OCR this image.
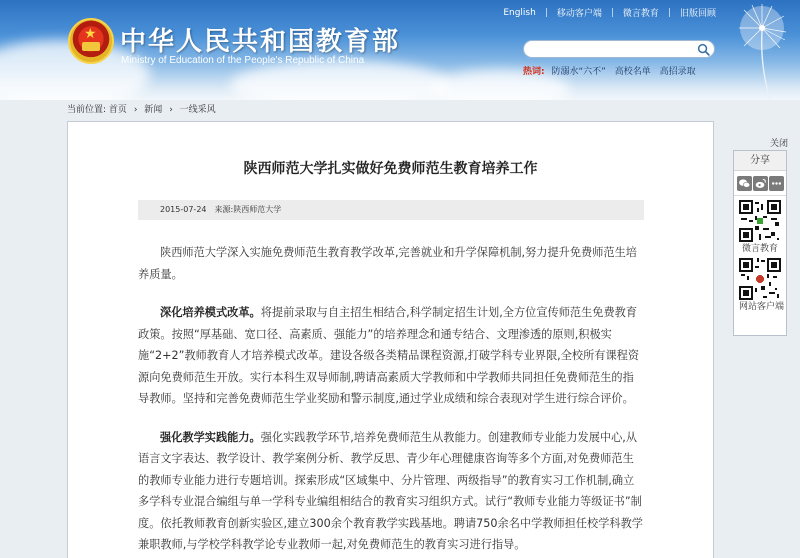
★ 中华人民共和国教育部
Ministry of Education of the People's Republic of China
English | 移动客户端 | 微言教育 | 旧版回顾
热词: 防溺水“六不” 高校名单 高招录取
当前位置: 首页 › 新闻 › 一线采风
陕西师范大学扎实做好免费师范生教育培养工作
2015-07-24 来源:陕西师范大学

陕西师范大学深入实施免费师范生教育教学改革,完善就业和升学保障机制,努力提升免费师范生培养质量。

深化培养模式改革。将提前录取与自主招生相结合,科学制定招生计划,全方位宣传师范生免费教育政策。按照“厚基础、宽口径、高素质、强能力”的培养理念和通专结合、文理渗透的原则,积极实施“2+2”教师教育人才培养模式改革。建设各级各类精品课程资源,打破学科专业界限,全校所有课程资源向免费师范生开放。实行本科生双导师制,聘请高素质大学教师和中学教师共同担任免费师范生的指导教师。坚持和完善免费师范生学业奖励和警示制度,通过学业成绩和综合表现对学生进行综合评价。

强化教学实践能力。强化实践教学环节,培养免费师范生从教能力。创建教师专业能力发展中心,从语言文字表达、教学设计、教学案例分析、教学反思、青少年心理健康咨询等多个方面,对免费师范生的教师专业能力进行专题培训。探索形成“区域集中、分片管理、两级指导”的教育实习工作机制,确立多学科专业混合编组与单一学科专业编组相结合的教育实习组织方式。试行“教师专业能力等级证书”制度。依托教师教育创新实验区,建立300余个教育教学实践基地。聘请750余名中学教师担任校学科教学兼职教师,与学校学科教学论专业教师一起,对免费师范生的教育实习进行指导。

关闭
分享
微言教育
网站客户端
